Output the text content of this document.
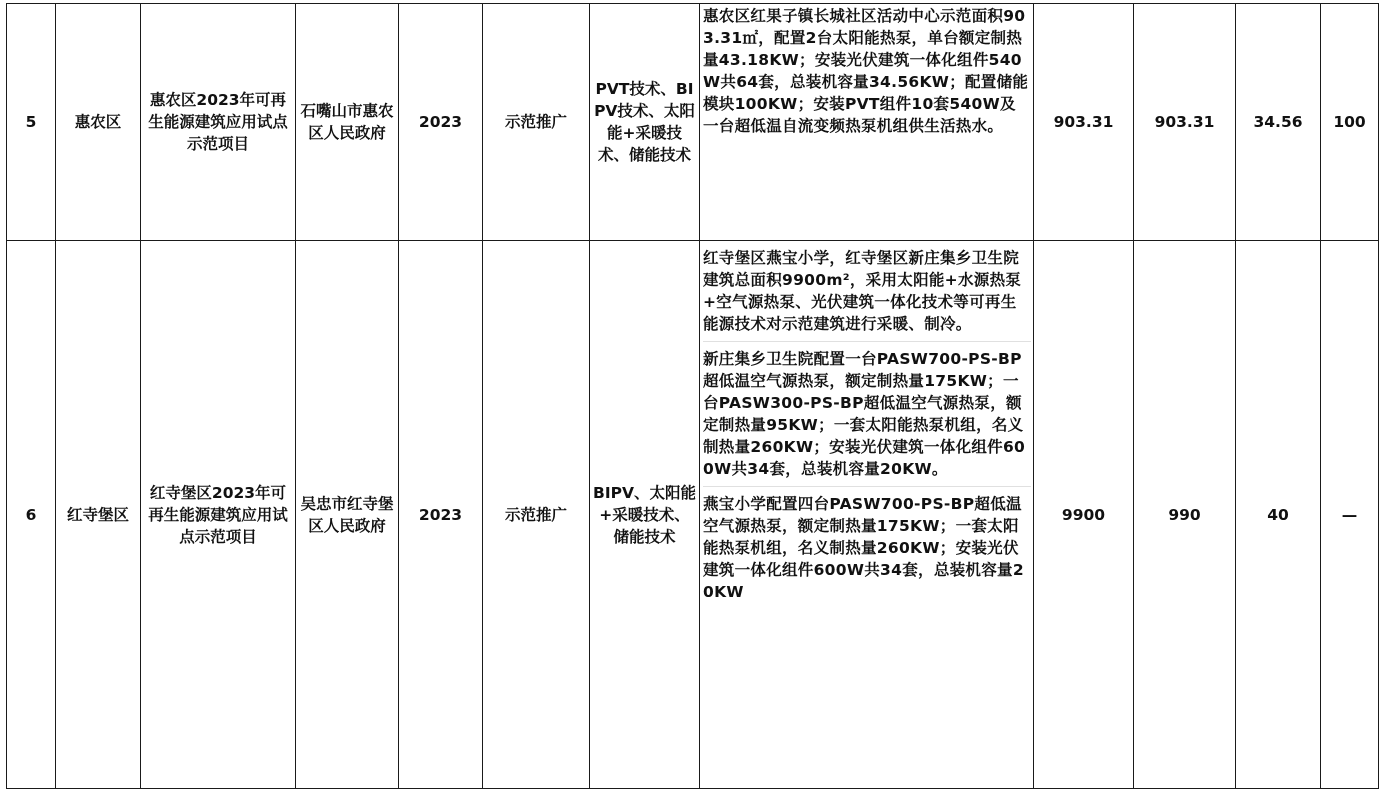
5	惠农区	惠农区2023年可再生能源建筑应用试点示范项目	石嘴山市惠农区人民政府	2023	示范推广	PVT技术、BIPV技术、太阳能+采暖技术、储能技术	惠农区红果子镇长城社区活动中心示范面积903.31㎡，配置2台太阳能热泵，单台额定制热量43.18KW；安装光伏建筑一体化组件540W共64套，总装机容量34.56KW；配置储能模块100KW；安装PVT组件10套540W及一台超低温自流变频热泵机组供生活热水。	903.31	903.31	34.56	100
6	红寺堡区	红寺堡区2023年可再生能源建筑应用试点示范项目	吴忠市红寺堡区人民政府	2023	示范推广	BIPV、太阳能+采暖技术、储能技术	红寺堡区燕宝小学，红寺堡区新庄集乡卫生院建筑总面积9900m²，采用太阳能+水源热泵+空气源热泵、光伏建筑一体化技术等可再生能源技术对示范建筑进行采暖、制冷。
新庄集乡卫生院配置一台PASW700-PS-BP超低温空气源热泵，额定制热量175KW；一台PASW300-PS-BP超低温空气源热泵，额定制热量95KW；一套太阳能热泵机组，名义制热量260KW；安装光伏建筑一体化组件600W共34套，总装机容量20KW。
燕宝小学配置四台PASW700-PS-BP超低温空气源热泵，额定制热量175KW；一套太阳能热泵机组，名义制热量260KW；安装光伏建筑一体化组件600W共34套，总装机容量20KW	9900	990	40	—
